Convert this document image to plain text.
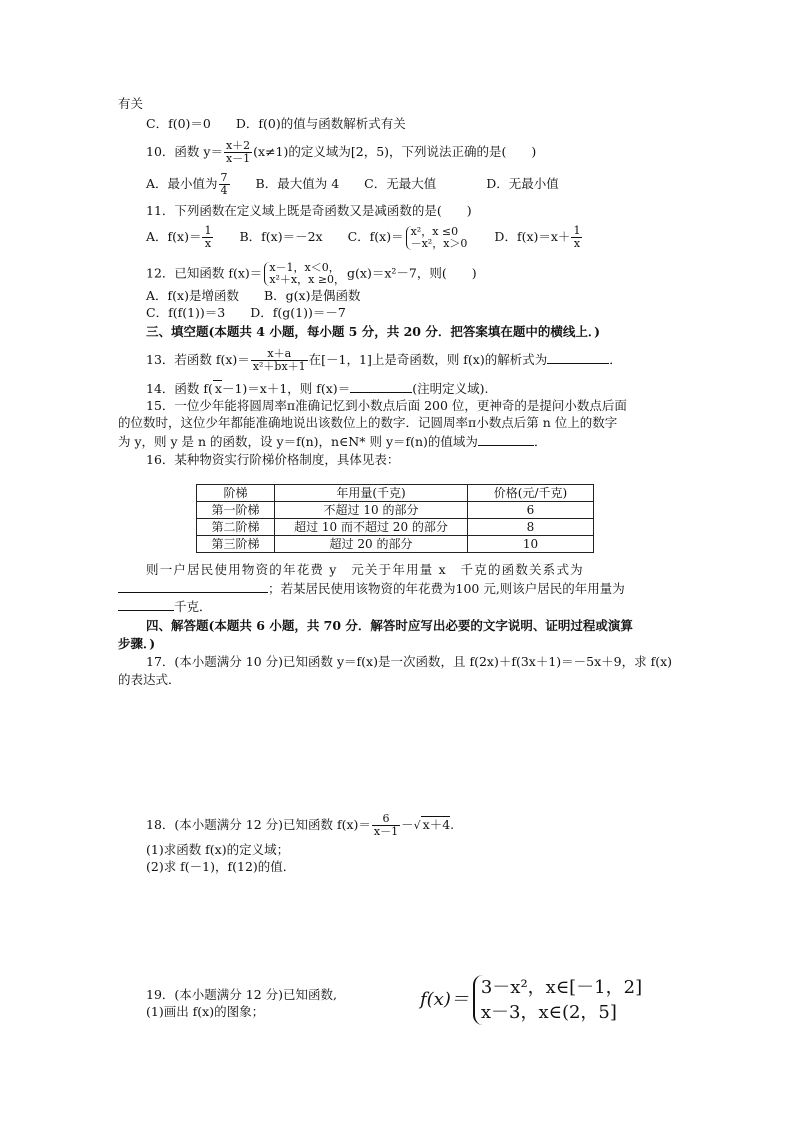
有关
C．f(0)＝0　　D．f(0)的值与函数解析式有关
10．函数 $y= \frac{x+2}{x-1} (x\ne 1)$的定义域为[2，5)，下列说法正确的是(　　)
A．最小值为 $\frac{7}{4}$ 　　B．最大值为 4　　C．无最大值　　　　D．无最小值
11．下列函数在定义域上既是奇函数又是减函数的是(　　)
A．$f(x)= \frac{1}{x}$ 　　B．f(x)＝－2x　　C．f(x)＝ x²，x ≤0
－x²，x＞0 　　D．$f(x)=x+ \frac{1}{x}$
12．已知函数 f(x)＝ x－1，x＜0，
x²＋x，x ≥0， g(x)＝x²－7，则(　　)
A．f(x)是增函数　　B．g(x)是偶函数
C．f(f(1))＝3　　D．f(g(1))＝－7
三、填空题(本题共 4 小题，每小题 5 分，共 20 分．把答案填在题中的横线上．)
13．若函数 $f(x)= \frac{x+a}{\text{x²＋bx＋1}}$ 在[－1，1]上是奇函数，则 f(x)的解析式为	．
14．函数 f( x－1)＝x＋1，则 f(x)＝	(注明定义域).
15．一位少年能将圆周率π准确记忆到小数点后面 200 位，更神奇的是提问小数点后面
的位数时，这位少年都能准确地说出该数位上的数字．记圆周率π小数点后第 n 位上的数字
为 y，则 y 是 n 的函数，设 y＝f(n)，n∈N* 则 y＝f(n)的值域为	．
16．某种物资实行阶梯价格制度，具体见表：
阶梯	年用量(千克)	价格(元/千克)
第一阶梯	不超过 10 的部分	6
第二阶梯	超过 10 而不超过 20 的部分	8
第三阶梯	超过 20 的部分	10
则一户居民使用物资的年花费 y　元关于年用量 x　千克的函数关系式为
；若某居民使用该物资的年花费为100 元,则该户居民的年用量为
千克．
四、解答题(本题共 6 小题，共 70 分．解答时应写出必要的文字说明、证明过程或演算
步骤．)
17．(本小题满分 10 分)已知函数 y＝f(x)是一次函数，且 f(2x)＋f(3x＋1)＝－5x＋9，求 f(x)
的表达式．
18．(本小题满分 12 分)已知函数 $f(x)= \frac{6}{x-1}$ －√ x＋4.
(1)求函数 f(x)的定义域；
(2)求 f(－1)，f(12)的值．
19．(本小题满分 12 分)已知函数,
(1)画出 f(x)的图象；
f(x)＝
3－x²，x∈[－1，2]
x－3，x∈(2，5]
